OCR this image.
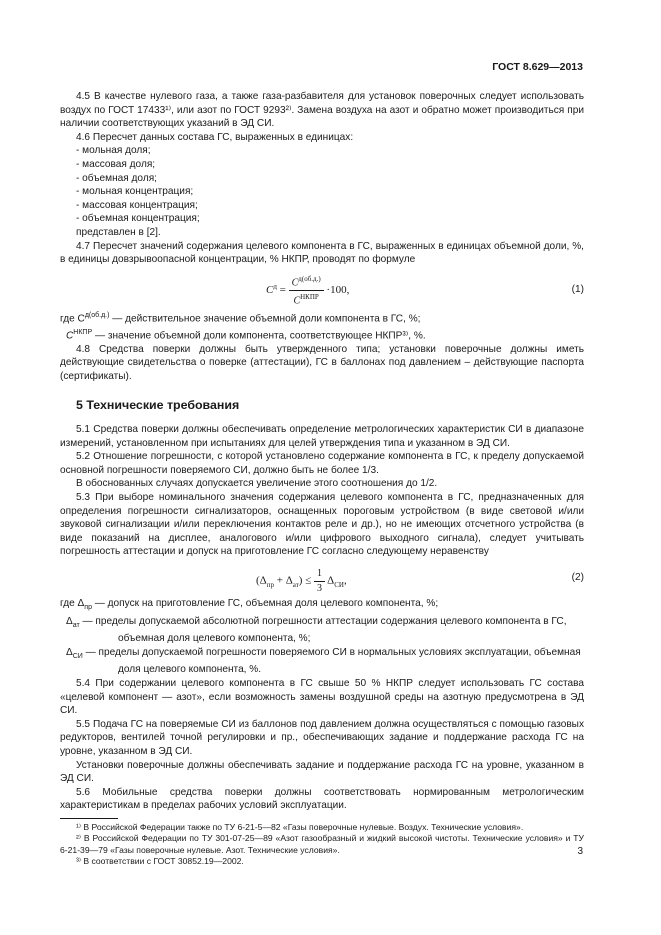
ГОСТ 8.629—2013

4.5 В качестве нулевого газа, а также газа-разбавителя для установок поверочных следует использовать воздух по ГОСТ 17433¹⁾, или азот по ГОСТ 9293²⁾. Замена воздуха на азот и обратно может производиться при наличии соответствующих указаний в ЭД СИ.

4.6 Пересчет данных состава ГС, выраженных в единицах:

- мольная доля;

- массовая доля;

- объемная доля;

- мольная концентрация;

- массовая концентрация;

- объемная концентрация;

представлен в [2].

4.7 Пересчет значений содержания целевого компонента в ГС, выраженных в единицах объемной доли, %, в единицы довзрывоопасной концентрации, % НКПР, проводят по формуле

$C^д = \frac{C^{д(об.д.)}}{C^{НКПР}} \cdot 100$,	(1)

где $C^{д(об.д.)}$ — действительное значение объемной доли компонента в ГС, %;

$C^{НКПР}$ — значение объемной доли компонента, соответствующее НКПР³⁾, %.

4.8 Средства поверки должны быть утвержденного типа; установки поверочные должны иметь действующие свидетельства о поверке (аттестации), ГС в баллонах под давлением – действующие паспорта (сертификаты).

5 Технические требования

5.1 Средства поверки должны обеспечивать определение метрологических характеристик СИ в диапазоне измерений, установленном при испытаниях для целей утверждения типа и указанном в ЭД СИ.

5.2 Отношение погрешности, с которой установлено содержание компонента в ГС, к пределу допускаемой основной погрешности поверяемого СИ, должно быть не более 1/3.

В обоснованных случаях допускается увеличение этого соотношения до 1/2.

5.3 При выборе номинального значения содержания целевого компонента в ГС, предназначенных для определения погрешности сигнализаторов, оснащенных пороговым устройством (в виде световой и/или звуковой сигнализации и/или переключения контактов реле и др.), но не имеющих отсчетного устройства (в виде показаний на дисплее, аналогового и/или цифрового выходного сигнала), следует учитывать погрешность аттестации и допуск на приготовление ГС согласно следующему неравенству

$(\Delta_{пр} + \Delta_{ат}) \le \frac{1}{3} \Delta_{СИ}$,	(2)

где $\Delta_{пр}$ — допуск на приготовление ГС, объемная доля целевого компонента, %;

$\Delta_{ат}$ — пределы допускаемой абсолютной погрешности аттестации содержания целевого компонента в ГС, объемная доля целевого компонента, %;

$\Delta_{СИ}$ — пределы допускаемой погрешности поверяемого СИ в нормальных условиях эксплуатации, объемная доля целевого компонента, %.

5.4 При содержании целевого компонента в ГС свыше 50 % НКПР следует использовать ГС состава «целевой компонент — азот», если возможность замены воздушной среды на азотную предусмотрена в ЭД СИ.

5.5 Подача ГС на поверяемые СИ из баллонов под давлением должна осуществляться с помощью газовых редукторов, вентилей точной регулировки и пр., обеспечивающих задание и поддержание расхода ГС на уровне, указанном в ЭД СИ.

Установки поверочные должны обеспечивать задание и поддержание расхода ГС на уровне, указанном в ЭД СИ.

5.6 Мобильные средства поверки должны соответствовать нормированным метрологическим характеристикам в пределах рабочих условий эксплуатации.

¹⁾ В Российской Федерации также по ТУ 6-21-5—82 «Газы поверочные нулевые. Воздух. Технические условия».

²⁾ В Российской Федерации по ТУ 301-07-25—89 «Азот газообразный и жидкий высокой чистоты. Технические условия» и ТУ 6-21-39—79 «Газы поверочные нулевые. Азот. Технические условия».

³⁾ В соответствии с ГОСТ 30852.19—2002.

3
